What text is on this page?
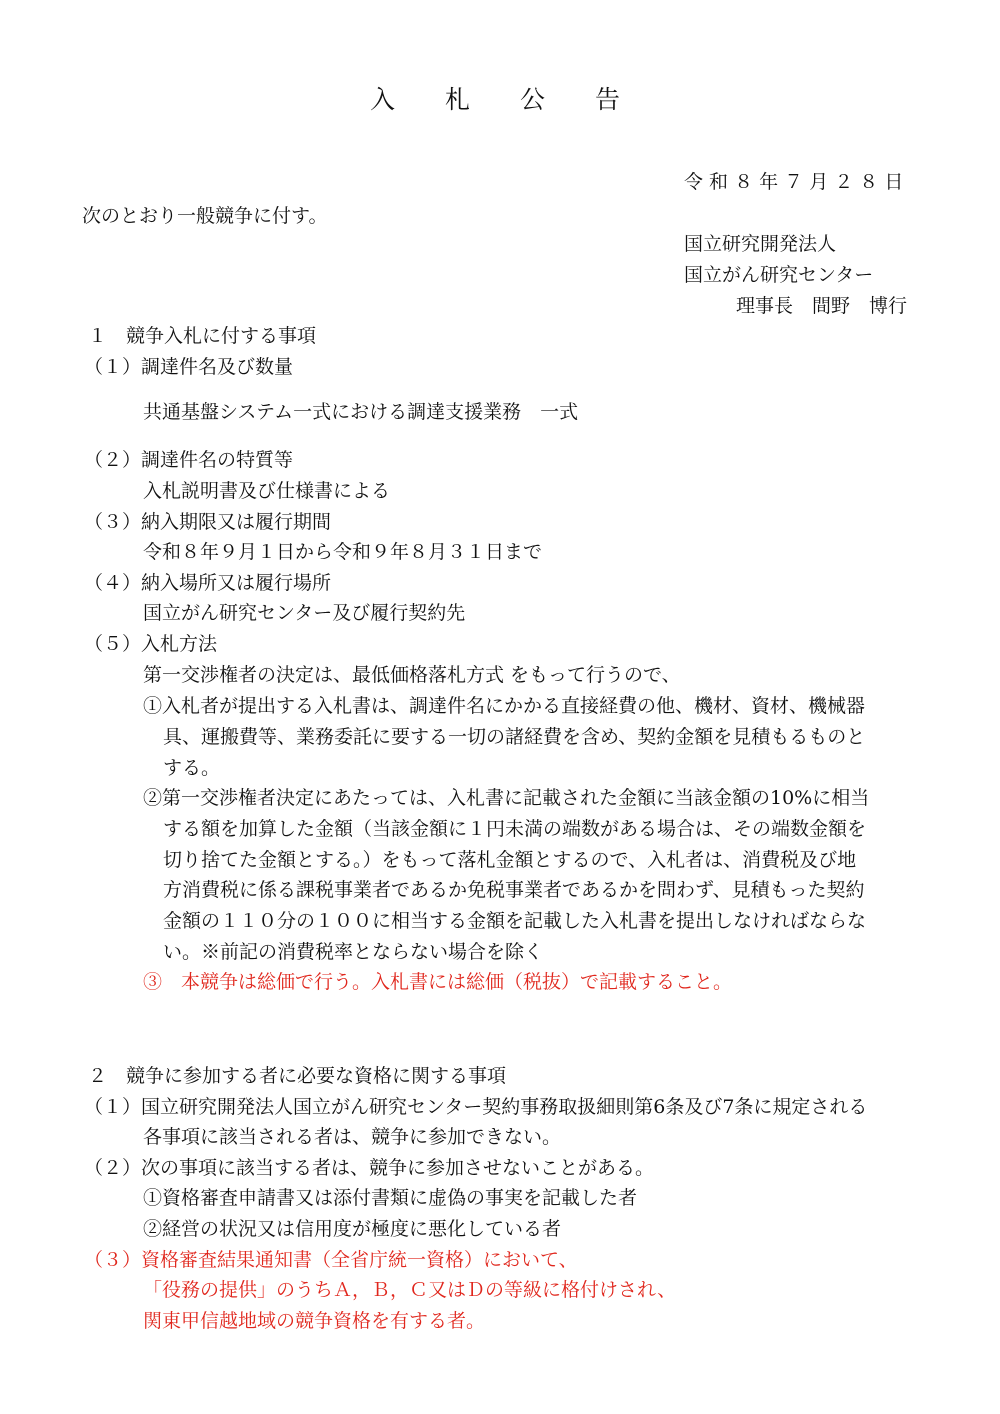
入　　札　　公　　告
令 和 ８ 年 ７ 月 ２ ８ 日
次のとおり一般競争に付す。
国立研究開発法人
国立がん研究センター
理事長　間野　博行
１　競争入札に付する事項
（１）調達件名及び数量
共通基盤システム一式における調達支援業務　一式
（２）調達件名の特質等
入札説明書及び仕様書による
（３）納入期限又は履行期間
令和８年９月１日から令和９年８月３１日まで
（４）納入場所又は履行場所
国立がん研究センター及び履行契約先
（５）入札方法
第一交渉権者の決定は、最低価格落札方式 をもって行うので、
①入札者が提出する入札書は、調達件名にかかる直接経費の他、機材、資材、機械器
具、運搬費等、業務委託に要する一切の諸経費を含め、契約金額を見積もるものと
する。
②第一交渉権者決定にあたっては、入札書に記載された金額に当該金額の10%に相当
する額を加算した金額（当該金額に１円未満の端数がある場合は、その端数金額を
切り捨てた金額とする。）をもって落札金額とするので、入札者は、消費税及び地
方消費税に係る課税事業者であるか免税事業者であるかを問わず、見積もった契約
金額の１１０分の１００に相当する金額を記載した入札書を提出しなければならな
い。※前記の消費税率とならない場合を除く
③　本競争は総価で行う。入札書には総価（税抜）で記載すること。
２　競争に参加する者に必要な資格に関する事項
（１）国立研究開発法人国立がん研究センター契約事務取扱細則第6条及び7条に規定される
各事項に該当される者は、競争に参加できない。
（２）次の事項に該当する者は、競争に参加させないことがある。
①資格審査申請書又は添付書類に虚偽の事実を記載した者
②経営の状況又は信用度が極度に悪化している者
（３）資格審査結果通知書（全省庁統一資格）において、
「役務の提供」のうちＡ，Ｂ，Ｃ又はＤの等級に格付けされ、
関東甲信越地域の競争資格を有する者。
